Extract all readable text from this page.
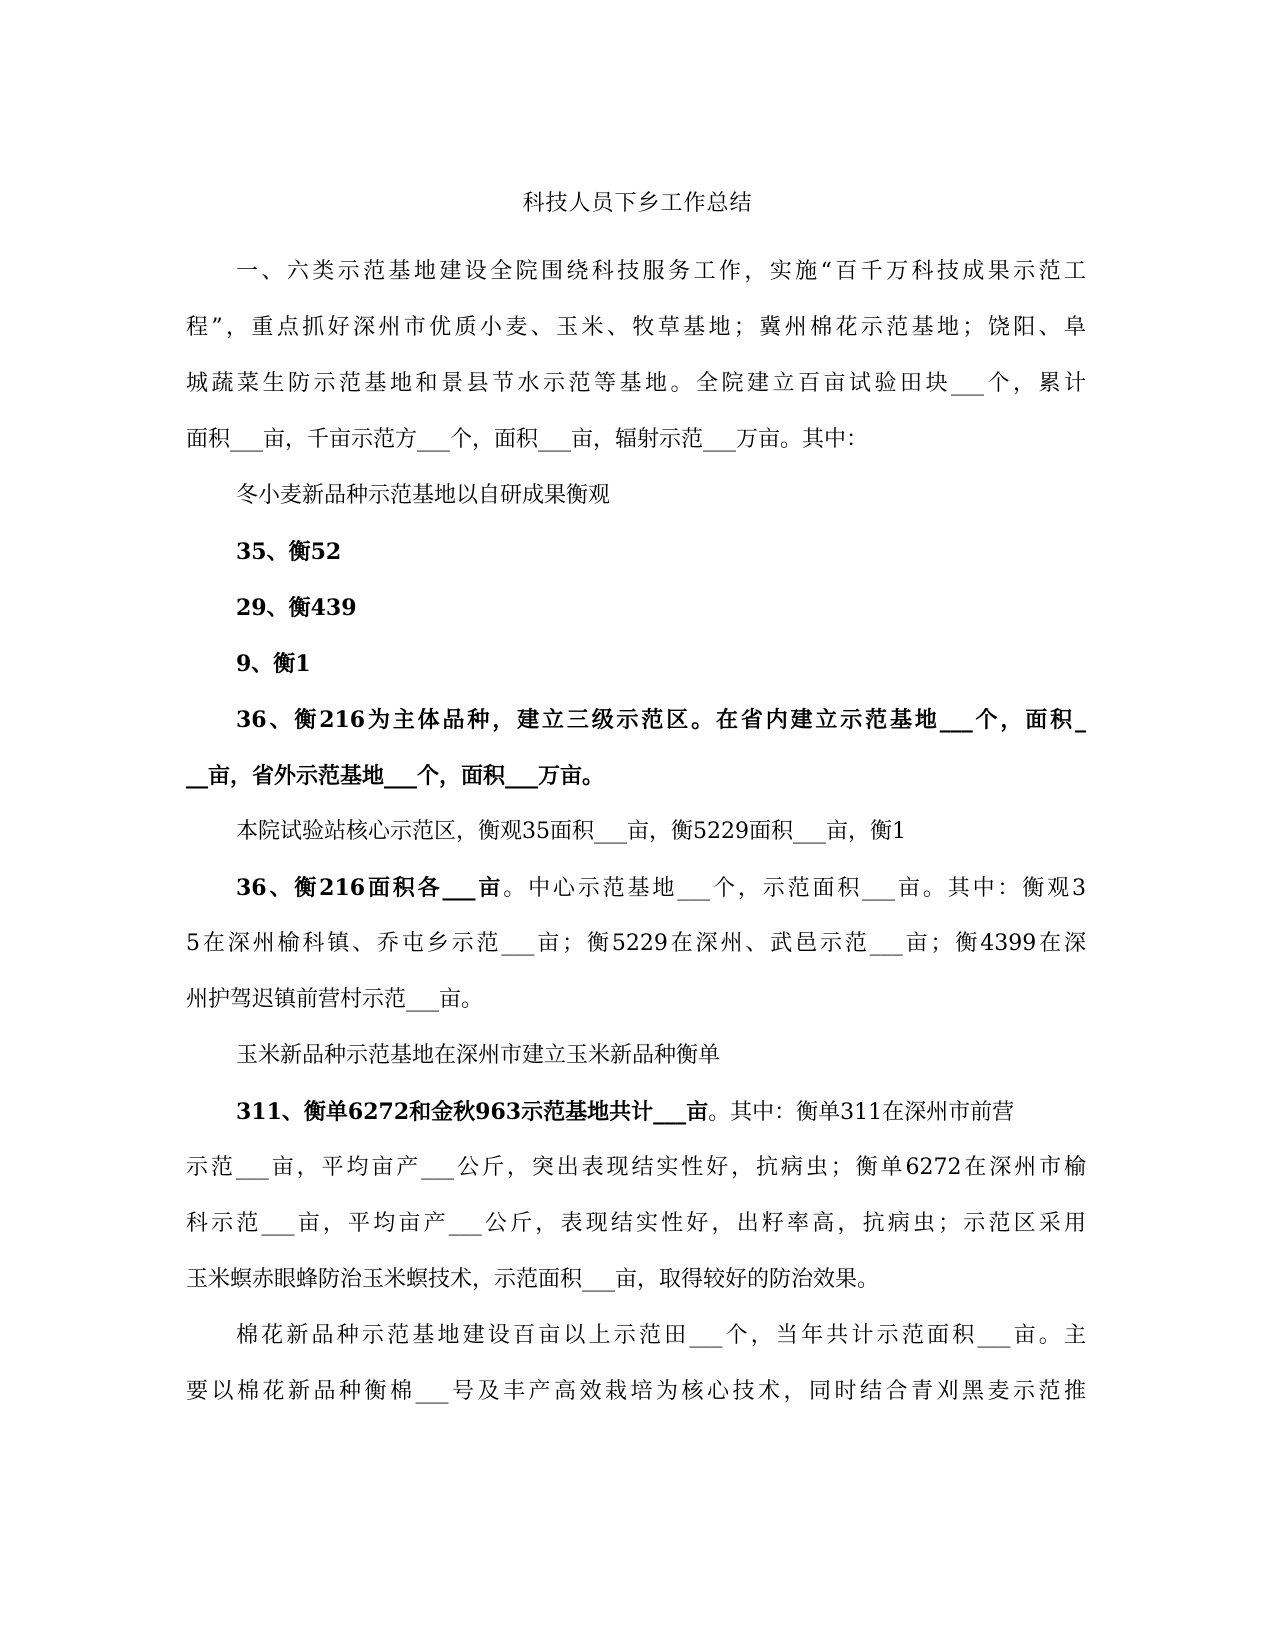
科技人员下乡工作总结
一、六类示范基地建设全院围绕科技服务工作，实施“百千万科技成果示范工
程”，重点抓好深州市优质小麦、玉米、牧草基地；冀州棉花示范基地；饶阳、阜
城蔬菜生防示范基地和景县节水示范等基地。全院建立百亩试验田块___个，累计
面积___亩，千亩示范方___个，面积___亩，辐射示范___万亩。其中：
冬小麦新品种示范基地以自研成果衡观
35、衡52
29、衡439
9、衡1
36、衡216为主体品种，建立三级示范区。在省内建立示范基地___个，面积_
__亩，省外示范基地___个，面积___万亩。
本院试验站核心示范区，衡观35面积___亩，衡5229面积___亩，衡1
36、衡216面积各___亩。中心示范基地___个，示范面积___亩。其中：衡观3
5在深州榆科镇、乔屯乡示范___亩；衡5229在深州、武邑示范___亩；衡4399在深
州护驾迟镇前营村示范___亩。
玉米新品种示范基地在深州市建立玉米新品种衡单
311、衡单6272和金秋963示范基地共计___亩。其中：衡单311在深州市前营
示范___亩，平均亩产___公斤，突出表现结实性好，抗病虫；衡单6272在深州市榆
科示范___亩，平均亩产___公斤，表现结实性好，出籽率高，抗病虫；示范区采用
玉米螟赤眼蜂防治玉米螟技术，示范面积___亩，取得较好的防治效果。
棉花新品种示范基地建设百亩以上示范田___个，当年共计示范面积___亩。主
要以棉花新品种衡棉___号及丰产高效栽培为核心技术，同时结合青刈黑麦示范推
